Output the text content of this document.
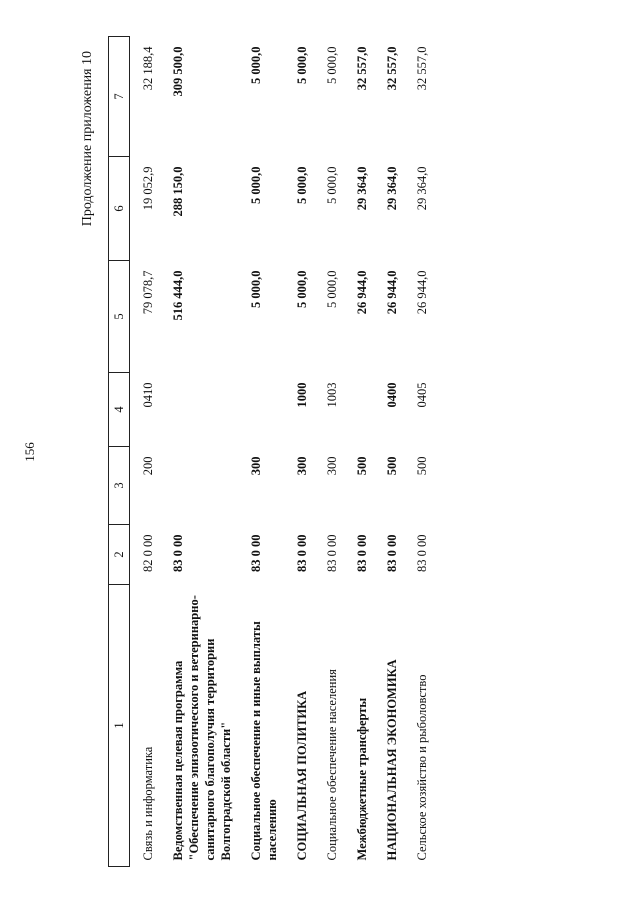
156
Продолжение приложения 10
1	2	3	4	5	6	7
Связь и информатика	82 0 00	200	0410	79 078,7	19 052,9	32 188,4
Ведомственная целевая программа "Обеспечение эпизоотического и ветеринарно-санитарного благополучия территории Волгоградской области"	83 0 00			516 444,0	288 150,0	309 500,0
Социальное обеспечение и иные выплаты населению	83 0 00	300		5 000,0	5 000,0	5 000,0
СОЦИАЛЬНАЯ ПОЛИТИКА	83 0 00	300	1000	5 000,0	5 000,0	5 000,0
Социальное обеспечение населения	83 0 00	300	1003	5 000,0	5 000,0	5 000,0
Межбюджетные трансферты	83 0 00	500		26 944,0	29 364,0	32 557,0
НАЦИОНАЛЬНАЯ ЭКОНОМИКА	83 0 00	500	0400	26 944,0	29 364,0	32 557,0
Сельское хозяйство и рыболовство	83 0 00	500	0405	26 944,0	29 364,0	32 557,0
